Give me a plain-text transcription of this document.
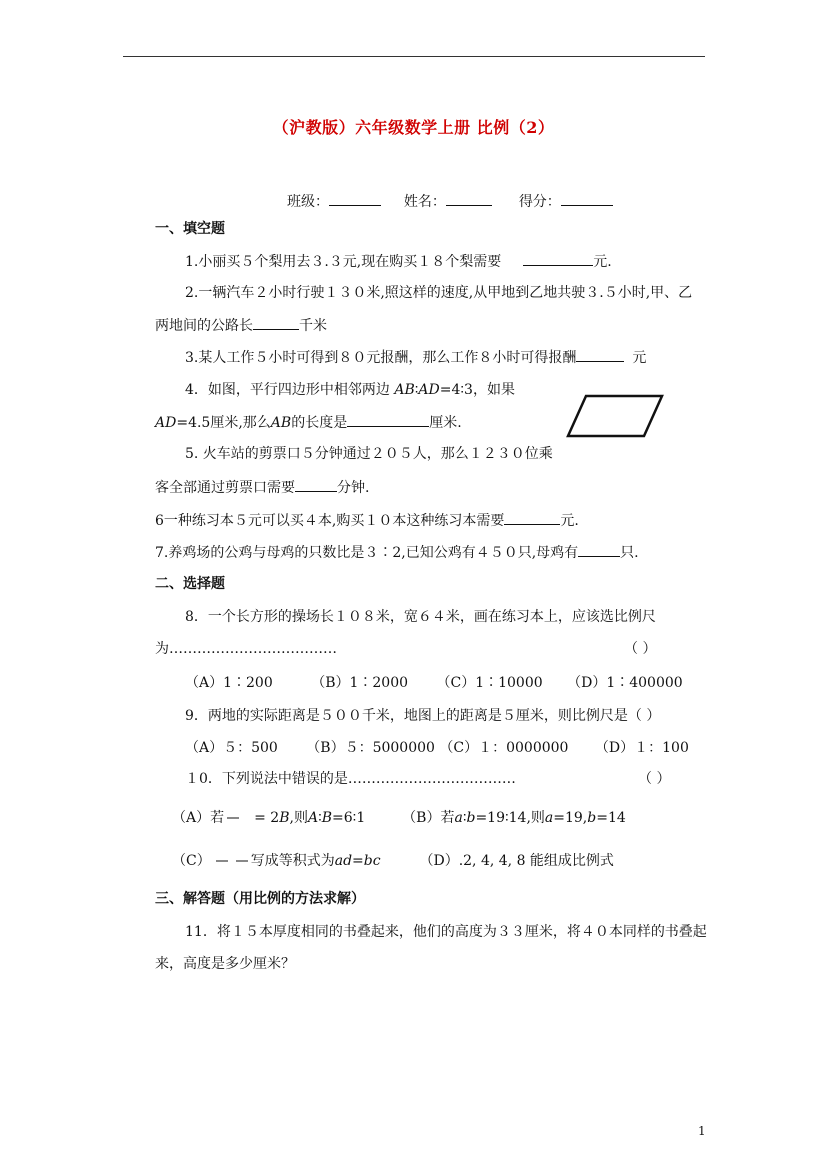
（沪教版）六年级数学上册 比例（2）
班级：	姓名：	得分：
一、填空题
1.小丽买５个梨用去３.３元,现在购买１８个梨需要	元.
2.一辆汽车２小时行驶１３０米,照这样的速度,从甲地到乙地共驶３.５小时,甲、乙
两地间的公路长	千米
3.某人工作５小时可得到８０元报酬，那么工作８小时可得报酬	元
4．如图，平行四边形中相邻两边 AB∶AD=4∶3，如果
AD=4.5厘米,那么AB的长度是	厘米.
5. 火车站的剪票口５分钟通过２０５人，那么１２３０位乘
客全部通过剪票口需要	分钟.
6一种练习本５元可以买４本,购买１０本这种练习本需要	元.
7.养鸡场的公鸡与母鸡的只数比是３∶2,已知公鸡有４５０只,母鸡有	只.
二、选择题
8．一个长方形的操场长１０８米，宽６４米，画在练习本上，应该选比例尺
为………………………………	（ ）
（A）1∶200	（B）1∶2000 （C）1∶10000 （D）1∶400000
9．两地的实际距离是５００千米，地图上的距离是５厘米，则比例尺是（ ）
（A）５：500 （B）５：5000000 （C）１：0000000 （D）１：100
１0．下列说法中错误的是………………………………	（ ）
（A）若 = 2B,则A∶B=6∶1	（B）若a∶b=19∶14,则a=19,b=14
（C）	写成等积式为ad=bc	（D）.2, 4, 4, 8 能组成比例式
三、解答题（用比例的方法求解）
11．将１５本厚度相同的书叠起来，他们的高度为３３厘米，将４０本同样的书叠起
来，高度是多少厘米？
1
